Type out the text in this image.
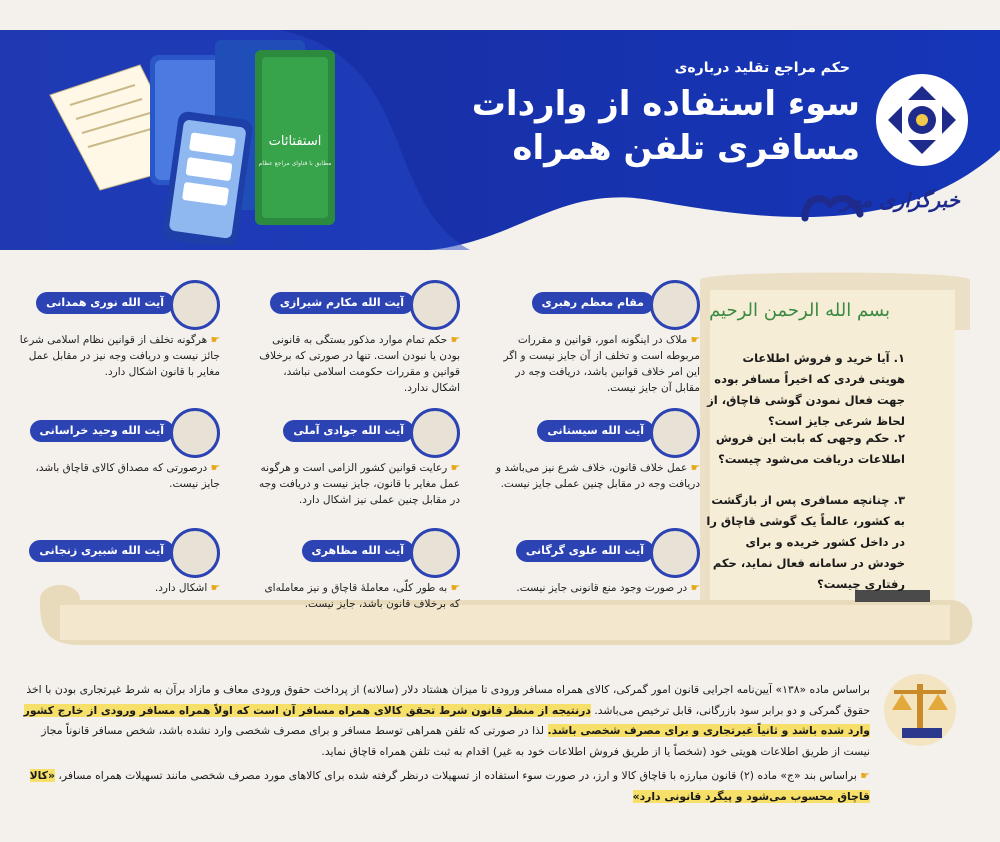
استفتائات
مطابق با فتاوای مراجع عظام
حکم مراجع تقلید درباره‌ی
سوء استفاده از واردات
مسافری تلفن همراه
خبرگزاری مهر
بسم الله الرحمن الرحیم
۱. آیا خرید و فروش اطلاعات هویتی فردی که اخیراً مسافر بوده جهت فعال نمودن گوشی قاچاق، از لحاظ شرعی جایز است؟
۲. حکم وجهی که بابت این فروش اطلاعات دریافت می‌شود چیست؟
۳. چنانچه مسافری پس از بازگشت به کشور، عالماً یک گوشی قاچاق را در داخل کشور خریده و برای خودش در سامانه فعال نماید، حکم رفتاری چیست؟
مقام معظم رهبری
☛ ملاک در اینگونه امور، قوانین و مقررات مربوطه است و تخلف از آن جایز نیست و اگر این امر خلاف قوانین باشد، دریافت وجه در مقابل آن جایز نیست.
آیت الله سیستانی
☛ عمل خلاف قانون، خلاف شرع نیز می‌باشد و دریافت وجه در مقابل چنین عملی جایز نیست.
آیت الله علوی گرگانی
☛ در صورت وجود منع قانونی جایز نیست.
آیت الله مکارم شیرازی
☛ حکم تمام موارد مذکور بستگی به قانونی بودن یا نبودن است. تنها در صورتی که برخلاف قوانین و مقررات حکومت اسلامی نباشد، اشکال ندارد.
آیت الله جوادی آملی
☛ رعایت قوانین کشور الزامی است و هرگونه عمل مغایر با قانون، جایز نیست و دریافت وجه در مقابل چنین عملی نیز اشکال دارد.
آیت الله مظاهری
☛ به طور کلّی، معاملهٔ قاچاق و نیز معامله‌ای که برخلاف قانون باشد، جایز نیست.
آیت الله نوری همدانی
☛ هرگونه تخلف از قوانین نظام اسلامی شرعا جائز نیست و دریافت وجه نیز در مقابل عمل مغایر با قانون اشکال دارد.
آیت الله وحید خراسانی
☛ درصورتی که مصداق کالای قاچاق باشد، جایز نیست.
آیت الله شبیری زنجانی
☛ اشکال دارد.

براساس ماده «۱۳۸» آیین‌نامه اجرایی قانون امور گمرکی، کالای همراه مسافر ورودی تا میزان هشتاد دلار (سالانه) از پرداخت حقوق ورودی معاف و مازاد برآن به شرط غیرتجاری بودن با اخذ حقوق گمرکی و دو برابر سود بازرگانی، قابل ترخیص می‌باشد. درنتیجه از منظر قانون شرط تحقق کالای همراه مسافر آن است که اولاً همراه مسافر ورودی از خارج کشور وارد شده باشد و ثانیاً غیرتجاری و برای مصرف شخصی باشد. لذا در صورتی که تلفن همراهی توسط مسافر و برای مصرف شخصی وارد نشده باشد، شخص مسافر قانوناً مجاز نیست از طریق اطلاعات هویتی خود (شخصاً یا از طریق فروش اطلاعات خود به غیر) اقدام به ثبت تلفن همراه قاچاق نماید.

☛ براساس بند «ج» ماده (۲) قانون مبارزه با قاچاق کالا و ارز، در صورت سوء استفاده از تسهیلات درنظر گرفته شده برای کالاهای مورد مصرف شخصی مانند تسهیلات همراه مسافر، «کالا قاچاق محسوب می‌شود و پیگرد قانونی دارد»
